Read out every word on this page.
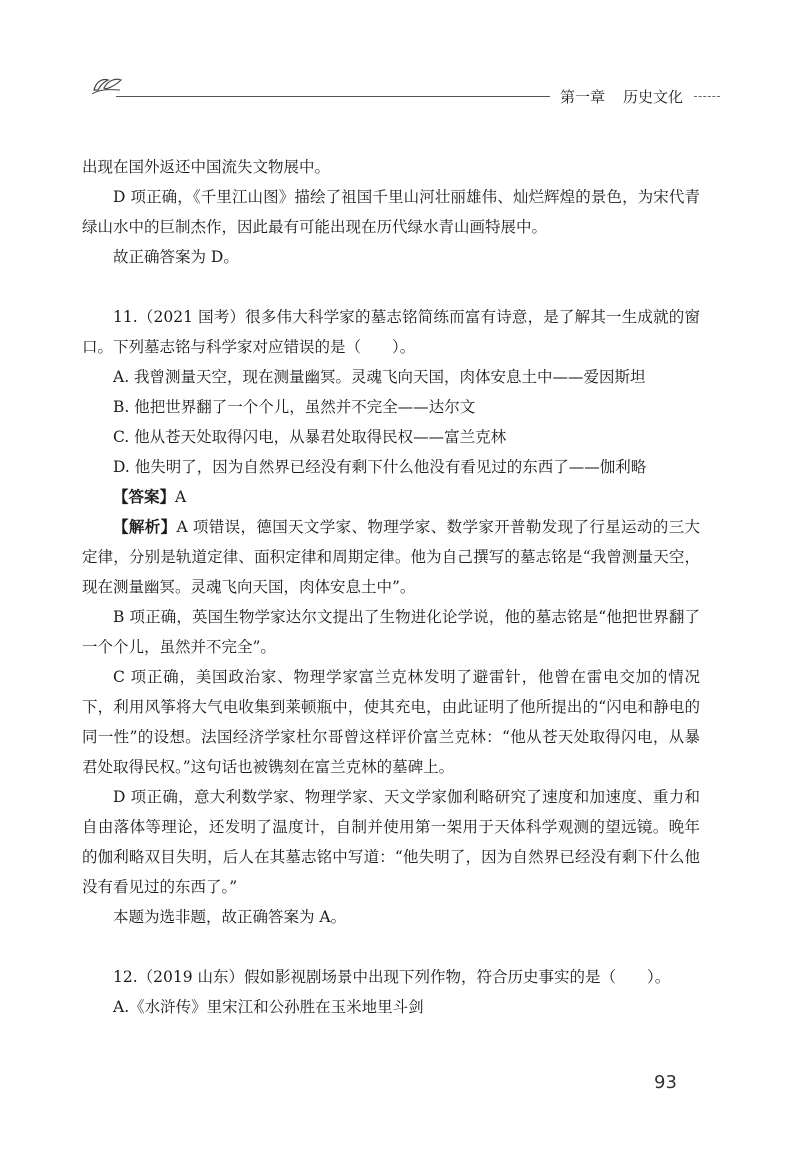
第一章 历史文化

出现在国外返还中国流失文物展中。

D 项正确，《千里江山图》描绘了祖国千里山河壮丽雄伟、灿烂辉煌的景色，为宋代青绿山水中的巨制杰作，因此最有可能出现在历代绿水青山画特展中。

故正确答案为 D。

11.（2021 国考）很多伟大科学家的墓志铭简练而富有诗意，是了解其一生成就的窗口。下列墓志铭与科学家对应错误的是（　　）。

A. 我曾测量天空，现在测量幽冥。灵魂飞向天国，肉体安息土中——爱因斯坦

B. 他把世界翻了一个个儿，虽然并不完全——达尔文

C. 他从苍天处取得闪电，从暴君处取得民权——富兰克林

D. 他失明了，因为自然界已经没有剩下什么他没有看见过的东西了——伽利略

【答案】A

【解析】A 项错误，德国天文学家、物理学家、数学家开普勒发现了行星运动的三大定律，分别是轨道定律、面积定律和周期定律。他为自己撰写的墓志铭是“我曾测量天空，现在测量幽冥。灵魂飞向天国，肉体安息土中”。

B 项正确，英国生物学家达尔文提出了生物进化论学说，他的墓志铭是“他把世界翻了一个个儿，虽然并不完全”。

C 项正确，美国政治家、物理学家富兰克林发明了避雷针，他曾在雷电交加的情况下，利用风筝将大气电收集到莱顿瓶中，使其充电，由此证明了他所提出的“闪电和静电的同一性”的设想。法国经济学家杜尔哥曾这样评价富兰克林：“他从苍天处取得闪电，从暴君处取得民权。”这句话也被镌刻在富兰克林的墓碑上。

D 项正确，意大利数学家、物理学家、天文学家伽利略研究了速度和加速度、重力和自由落体等理论，还发明了温度计，自制并使用第一架用于天体科学观测的望远镜。晚年的伽利略双目失明，后人在其墓志铭中写道：“他失明了，因为自然界已经没有剩下什么他没有看见过的东西了。”

本题为选非题，故正确答案为 A。

12.（2019 山东）假如影视剧场景中出现下列作物，符合历史事实的是（　　）。

A.《水浒传》里宋江和公孙胜在玉米地里斗剑

93
